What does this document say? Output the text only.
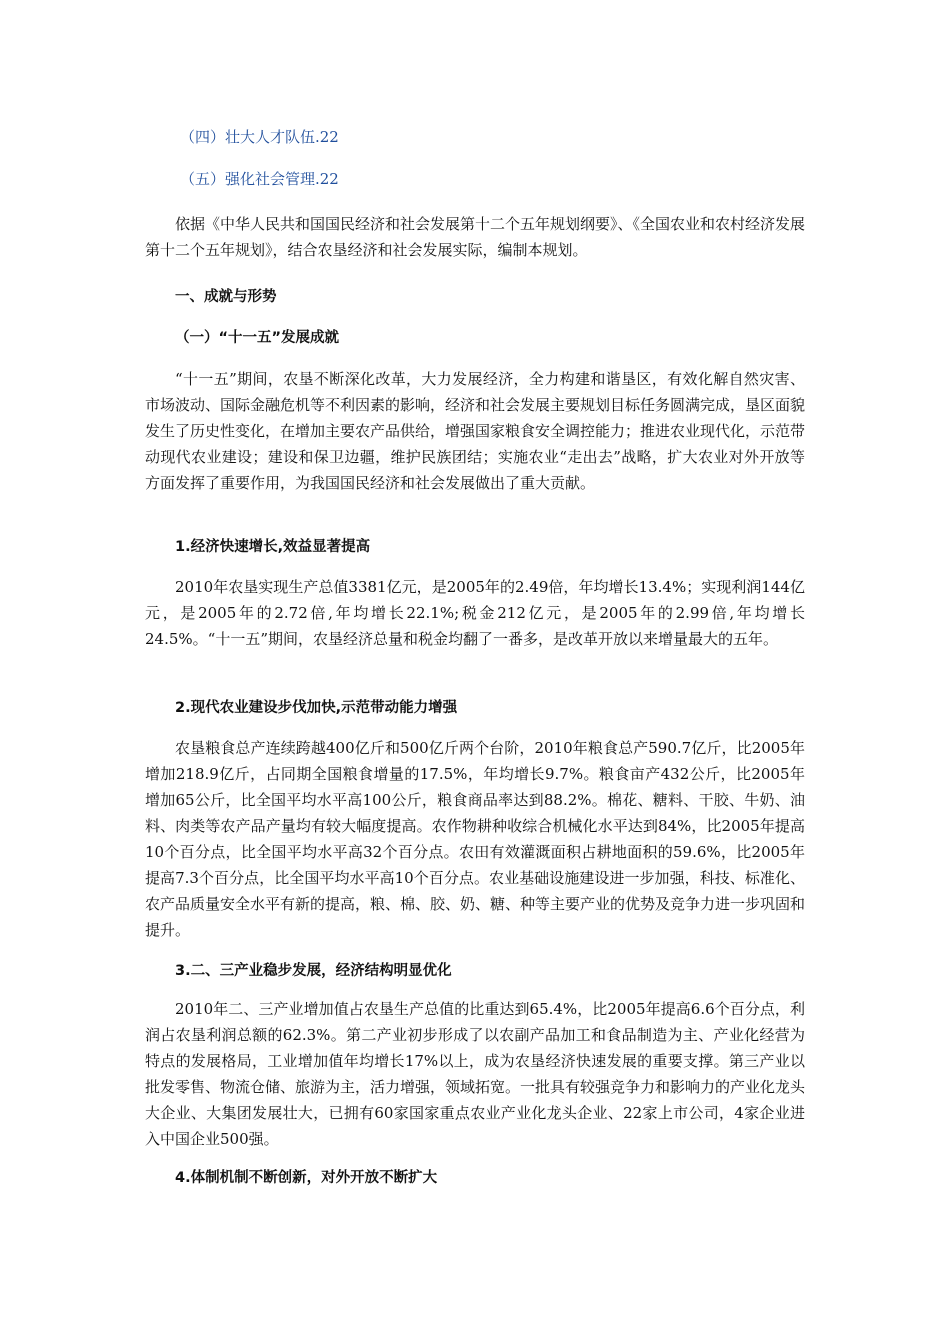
（四）壮大人才队伍.22
（五）强化社会管理.22

依据《中华人民共和国国民经济和社会发展第十二个五年规划纲要》、《全国农业和农村经济发展第十二个五年规划》，结合农垦经济和社会发展实际，编制本规划。

一、成就与形势
（一）“十一五”发展成就

“十一五”期间，农垦不断深化改革，大力发展经济，全力构建和谐垦区，有效化解自然灾害、市场波动、国际金融危机等不利因素的影响，经济和社会发展主要规划目标任务圆满完成，垦区面貌发生了历史性变化，在增加主要农产品供给，增强国家粮食安全调控能力；推进农业现代化，示范带动现代农业建设；建设和保卫边疆，维护民族团结；实施农业“走出去”战略，扩大农业对外开放等方面发挥了重要作用，为我国国民经济和社会发展做出了重大贡献。

1.经济快速增长,效益显著提高

2010年农垦实现生产总值3381亿元，是2005年的2.49倍，年均增长13.4%；实现利润144亿元，是2005年的2.72倍,年均增长22.1%;税金212亿元，是2005年的2.99倍,年均增长24.5%。“十一五”期间，农垦经济总量和税金均翻了一番多，是改革开放以来增量最大的五年。

2.现代农业建设步伐加快,示范带动能力增强

农垦粮食总产连续跨越400亿斤和500亿斤两个台阶，2010年粮食总产590.7亿斤，比2005年增加218.9亿斤，占同期全国粮食增量的17.5%，年均增长9.7%。粮食亩产432公斤，比2005年增加65公斤，比全国平均水平高100公斤，粮食商品率达到88.2%。棉花、糖料、干胶、牛奶、油料、肉类等农产品产量均有较大幅度提高。农作物耕种收综合机械化水平达到84%，比2005年提高10个百分点，比全国平均水平高32个百分点。农田有效灌溉面积占耕地面积的59.6%，比2005年提高7.3个百分点，比全国平均水平高10个百分点。农业基础设施建设进一步加强，科技、标准化、农产品质量安全水平有新的提高，粮、棉、胶、奶、糖、种等主要产业的优势及竞争力进一步巩固和提升。

3.二、三产业稳步发展，经济结构明显优化

2010年二、三产业增加值占农垦生产总值的比重达到65.4%，比2005年提高6.6个百分点，利润占农垦利润总额的62.3%。第二产业初步形成了以农副产品加工和食品制造为主、产业化经营为特点的发展格局，工业增加值年均增长17%以上，成为农垦经济快速发展的重要支撑。第三产业以批发零售、物流仓储、旅游为主，活力增强，领域拓宽。一批具有较强竞争力和影响力的产业化龙头大企业、大集团发展壮大，已拥有60家国家重点农业产业化龙头企业、22家上市公司，4家企业进入中国企业500强。

4.体制机制不断创新，对外开放不断扩大
